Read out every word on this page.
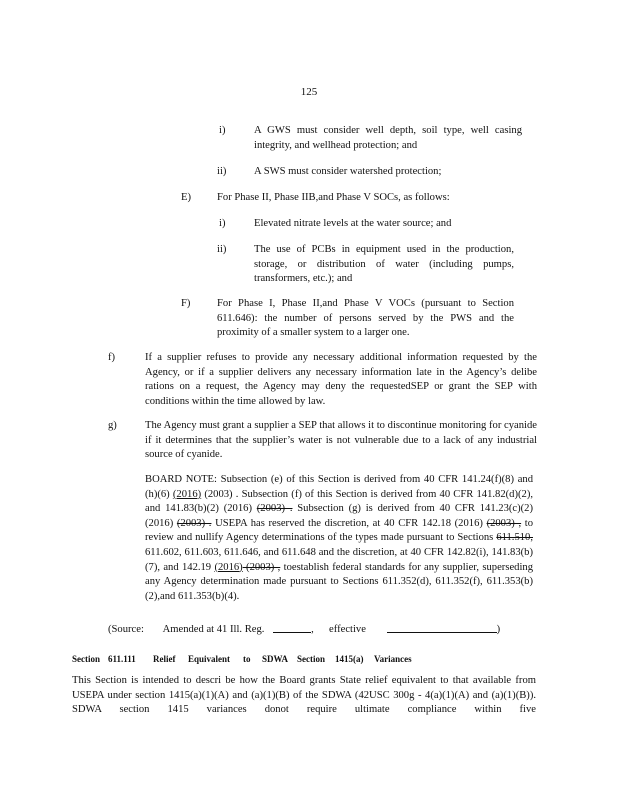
125
i)	A GWS must consider well depth, soil type, well casing integrity, and wellhead protection; and
ii)	A SWS must consider watershed protection;
E) For Phase II, Phase IIB,and Phase V SOCs, as follows:
i)	Elevated nitrate levels at the water source; and
ii)	The use of PCBs in equipment used in the production, storage, or distribution of water (including pumps, transformers, etc.); and
F)	For Phase I, Phase II,and Phase V VOCs (pursuant to Section 611.646): the number of persons served by the PWS and the proximity of a smaller system to a larger one.
f)	If a supplier refuses to provide any necessary additional information requested by the Agency, or if a supplier delivers any necessary information late in the Agency’s delibe rations on a request, the Agency may deny the requestedSEP or grant the SEP with conditions within the time allowed by law.
g)	The Agency must grant a supplier a SEP that allows it to discontinue monitoring for cyanide if it determines that the supplier’s water is not vulnerable due to a lack of any industrial source of cyanide.
BOARD NOTE: Subsection (e) of this Section is derived from 40 CFR 141.24(f)(8) and (h)(6) (2016) (2003) . Subsection (f) of this Section is derived from 40 CFR 141.82(d)(2), and 141.83(b)(2) (2016) (2003) . Subsection (g) is derived from 40 CFR 141.23(c)(2) (2016) (2003) . USEPA has reserved the discretion, at 40 CFR 142.18 (2016) (2003) , to review and nullify Agency determinations of the types made pursuant to Sections 611.510, 611.602, 611.603, 611.646, and 611.648 and the discretion, at 40 CFR 142.82(i), 141.83(b)(7), and 142.19 (2016) (2003) , toestablish federal standards for any supplier, superseding any Agency determination made pursuant to Sections 611.352(d), 611.352(f), 611.353(b)(2),and 611.353(b)(4).
(Source: Amended at 41 Ill. Reg.	, effective	)
Section 611.111 Relief Equivalent to SDWA Section 1415(a) Variances
This Section is intended to descri be how the Board grants State relief equivalent to that available from USEPA under section 1415(a)(1)(A) and (a)(1)(B) of the SDWA (42USC 300g - 4(a)(1)(A) and (a)(1)(B)). SDWA section 1415 variances donot require ultimate compliance within five
